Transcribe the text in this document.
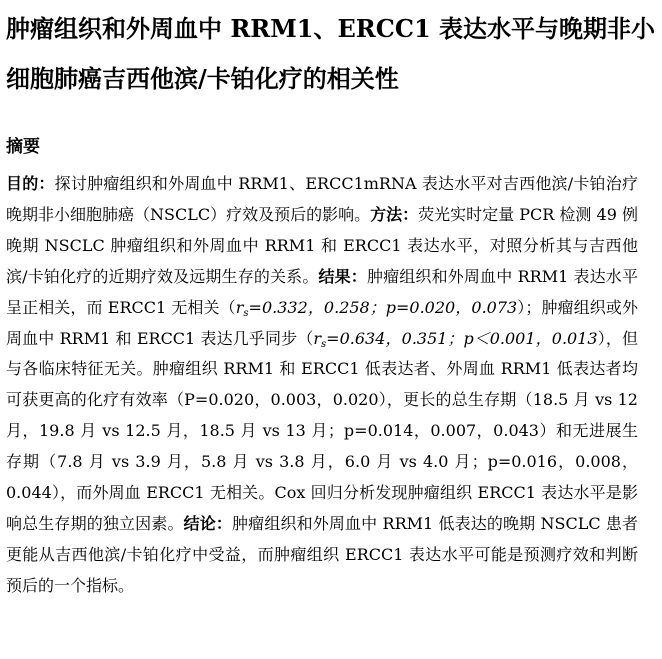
肿瘤组织和外周血中 RRM1、ERCC1 表达水平与晚期非小细胞肺癌吉西他滨/卡铂化疗的相关性
摘要

目的：探讨肿瘤组织和外周血中 RRM1、ERCC1mRNA 表达水平对吉西他滨/卡铂治疗晚期非小细胞肺癌（NSCLC）疗效及预后的影响。方法：荧光实时定量 PCR 检测 49 例晚期 NSCLC 肿瘤组织和外周血中 RRM1 和 ERCC1 表达水平，对照分析其与吉西他滨/卡铂化疗的近期疗效及远期生存的关系。结果：肿瘤组织和外周血中 RRM1 表达水平呈正相关，而 ERCC1 无相关（$r_s=0.332$，0.258；p=0.020，0.073）；肿瘤组织或外周血中 RRM1 和 ERCC1 表达几乎同步（$r_s=0.634$，0.351；p＜0.001，0.013），但与各临床特征无关。肿瘤组织 RRM1 和 ERCC1 低表达者、外周血 RRM1 低表达者均可获更高的化疗有效率（P=0.020，0.003，0.020），更长的总生存期（18.5 月 vs 12 月，19.8 月 vs 12.5 月，18.5 月 vs 13 月；p=0.014，0.007，0.043）和无进展生存期（7.8 月 vs 3.9 月，5.8 月 vs 3.8 月，6.0 月 vs 4.0 月；p=0.016，0.008，0.044），而外周血 ERCC1 无相关。Cox 回归分析发现肿瘤组织 ERCC1 表达水平是影响总生存期的独立因素。结论：肿瘤组织和外周血中 RRM1 低表达的晚期 NSCLC 患者更能从吉西他滨/卡铂化疗中受益，而肿瘤组织 ERCC1 表达水平可能是预测疗效和判断预后的一个指标。
